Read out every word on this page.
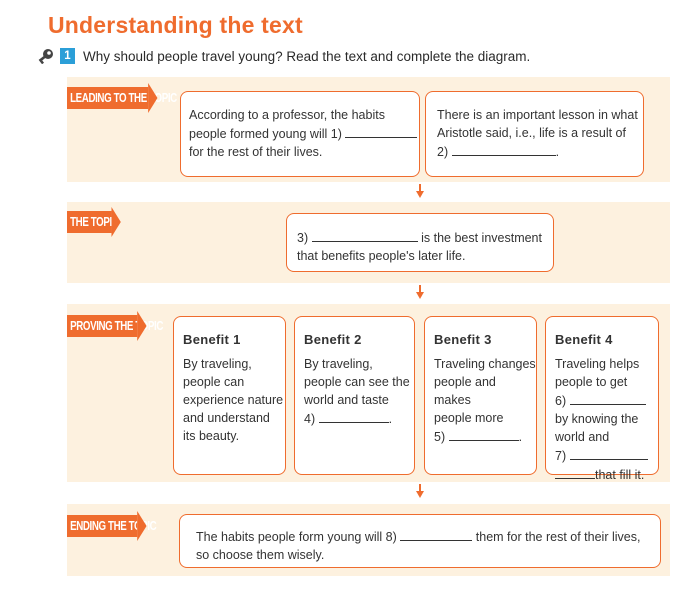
Understanding the text
1 Why should people travel young? Read the text and complete the diagram.
LEADING TO THE TOPIC
According to a professor, the habits
people formed young will 1)
for the rest of their lives.
There is an important lesson in what
Aristotle said, i.e., life is a result of
2)	.
THE TOPIC
3)	is the best investment
that benefits people's later life.
PROVING THE TOPIC
Benefit 1
By traveling,
people can
experience nature
and understand
its beauty.
Benefit 2
By traveling,
people can see the
world and taste
4)	.
Benefit 3
Traveling changes
people and makes
people more
5)	.
Benefit 4
Traveling helps
people to get
6)
by knowing the
world and
7)
that fill it.
ENDING THE TOPIC
The habits people form young will 8)	them for the rest of their lives,
so choose them wisely.
